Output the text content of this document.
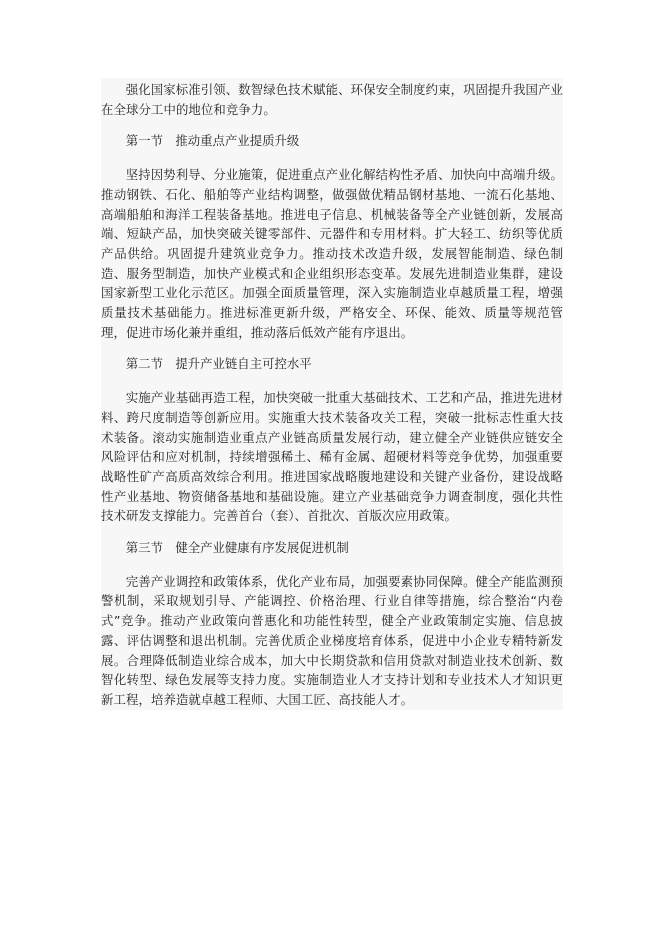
强化国家标准引领、数智绿色技术赋能、环保安全制度约束，巩固提升我国产业在全球分工中的地位和竞争力。

第一节　推动重点产业提质升级

坚持因势利导、分业施策，促进重点产业化解结构性矛盾、加快向中高端升级。推动钢铁、石化、船舶等产业结构调整，做强做优精品钢材基地、一流石化基地、高端船舶和海洋工程装备基地。推进电子信息、机械装备等全产业链创新，发展高端、短缺产品，加快突破关键零部件、元器件和专用材料。扩大轻工、纺织等优质产品供给。巩固提升建筑业竞争力。推动技术改造升级，发展智能制造、绿色制造、服务型制造，加快产业模式和企业组织形态变革。发展先进制造业集群，建设国家新型工业化示范区。加强全面质量管理，深入实施制造业卓越质量工程，增强质量技术基础能力。推进标准更新升级，严格安全、环保、能效、质量等规范管理，促进市场化兼并重组，推动落后低效产能有序退出。

第二节　提升产业链自主可控水平

实施产业基础再造工程，加快突破一批重大基础技术、工艺和产品，推进先进材料、跨尺度制造等创新应用。实施重大技术装备攻关工程，突破一批标志性重大技术装备。滚动实施制造业重点产业链高质量发展行动，建立健全产业链供应链安全风险评估和应对机制，持续增强稀土、稀有金属、超硬材料等竞争优势，加强重要战略性矿产高质高效综合利用。推进国家战略腹地建设和关键产业备份，建设战略性产业基地、物资储备基地和基础设施。建立产业基础竞争力调查制度，强化共性技术研发支撑能力。完善首台（套）、首批次、首版次应用政策。

第三节　健全产业健康有序发展促进机制

完善产业调控和政策体系，优化产业布局，加强要素协同保障。健全产能监测预警机制，采取规划引导、产能调控、价格治理、行业自律等措施，综合整治“内卷式”竞争。推动产业政策向普惠化和功能性转型，健全产业政策制定实施、信息披露、评估调整和退出机制。完善优质企业梯度培育体系，促进中小企业专精特新发展。合理降低制造业综合成本，加大中长期贷款和信用贷款对制造业技术创新、数智化转型、绿色发展等支持力度。实施制造业人才支持计划和专业技术人才知识更新工程，培养造就卓越工程师、大国工匠、高技能人才。
